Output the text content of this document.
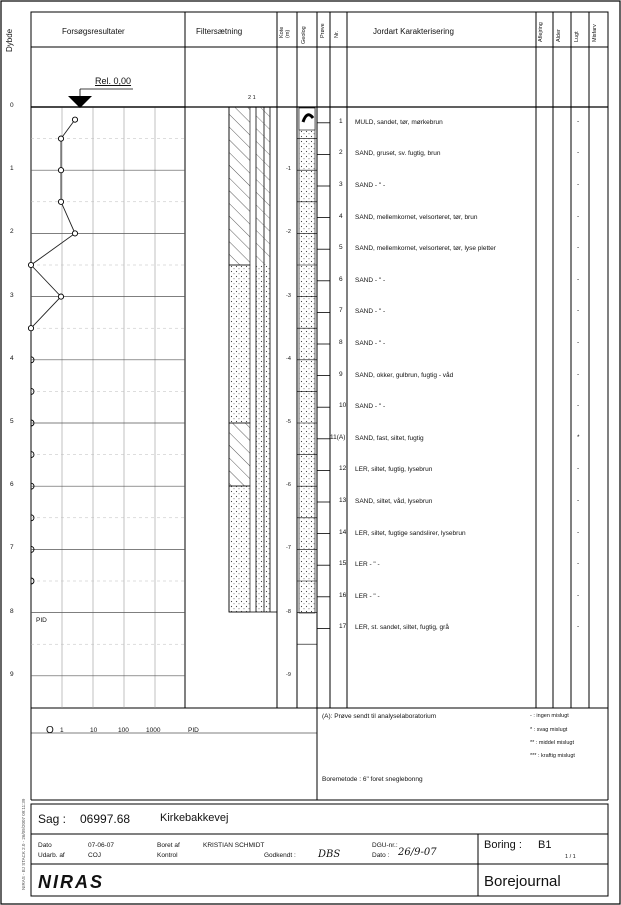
Dybde
NIRAS - BJ STACK 2.0 - 26/09/2007 09:11:39
Forsøgsresultater	Filtersætning	Kote (m) Geolog Prøve Nr.	Jordart Karakterisering	Aflejring Alder Lugt Misfarv
Rel. 0,00
2 1
0
1
2
3
4
5
6
7
8
9
-1
-2
-3
-4
-5
-6
-7
-8
-9
1 MULD, sandet, tør, mørkebrun	-
2 SAND, gruset, sv. fugtig, brun	-
3 SAND - " -	-
4 SAND, mellemkornet, velsorteret, tør, brun	-
5 SAND, mellemkornet, velsorteret, tør, lyse pletter	-
6 SAND - " -	-
7 SAND - " -	-
8 SAND - " -	-
9 SAND, okker, gulbrun, fugtig - våd	-
10 SAND - " -	-
11(A) SAND, fast, siltet, fugtig	*
12 LER, siltet, fugtig, lysebrun	-
13 SAND, siltet, våd, lysebrun	-
14 LER, siltet, fugtige sandslirer, lysebrun	-
15 LER - " -	-
16 LER - " -	-
17 LER, st. sandet, siltet, fugtig, grå	-
PID
O 1	10	100	1000	PID
(A): Prøve sendt til analyselaboratorium	- : ingen mislugt
* : svag mislugt
** : middel mislugt
*** : kraftig mislugt
Boremetode : 6" foret sneglebonng
Sag : 06997.68	Kirkebakkevej
Dato	07-06-07
Udarb. af	COJ
Boret af	KRISTIAN SCHMIDT
Kontrol	Godkendt : DBS
DGU-nr.:
Dato : 26/9-07
Boring : B1
1 / 1
NIRAS	Borejournal
